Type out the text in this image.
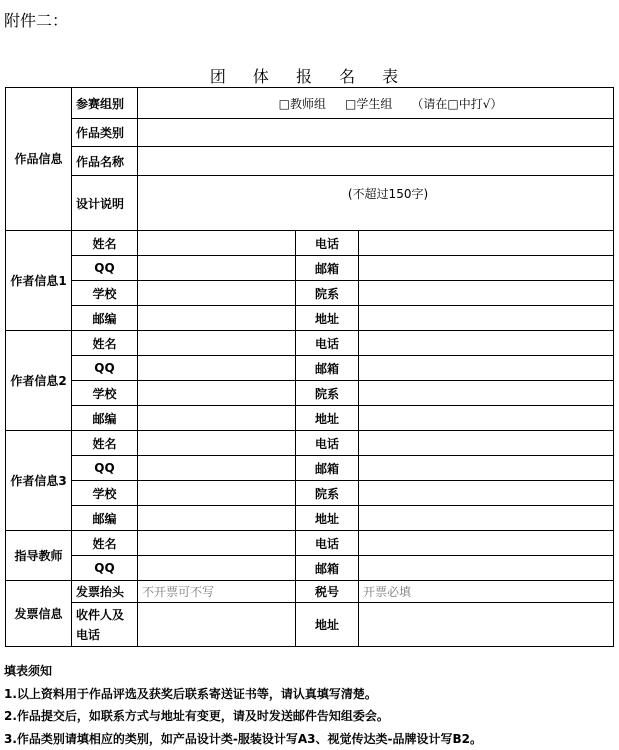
附件二：
团 体 报 名 表
作品信息	参赛组别	□教师组     □学生组     （请在□中打√）		
	作品类别			
	作品名称			
	设计说明	(不超过150字)		
作者信息1	姓名		电话	
	QQ		邮箱	
	学校		院系	
	邮编		地址	
作者信息2	姓名		电话	
	QQ		邮箱	
	学校		院系	
	邮编		地址	
作者信息3	姓名		电话	
	QQ		邮箱	
	学校		院系	
	邮编		地址	
指导教师	姓名		电话	
	QQ		邮箱	
发票信息	发票抬头	不开票可不写	税号	开票必填
	收件人及电话		地址	
填表须知
1.以上资料用于作品评选及获奖后联系寄送证书等，请认真填写清楚。
2.作品提交后，如联系方式与地址有变更，请及时发送邮件告知组委会。
3.作品类别请填相应的类别，如产品设计类-服装设计写A3、视觉传达类-品牌设计写B2。
